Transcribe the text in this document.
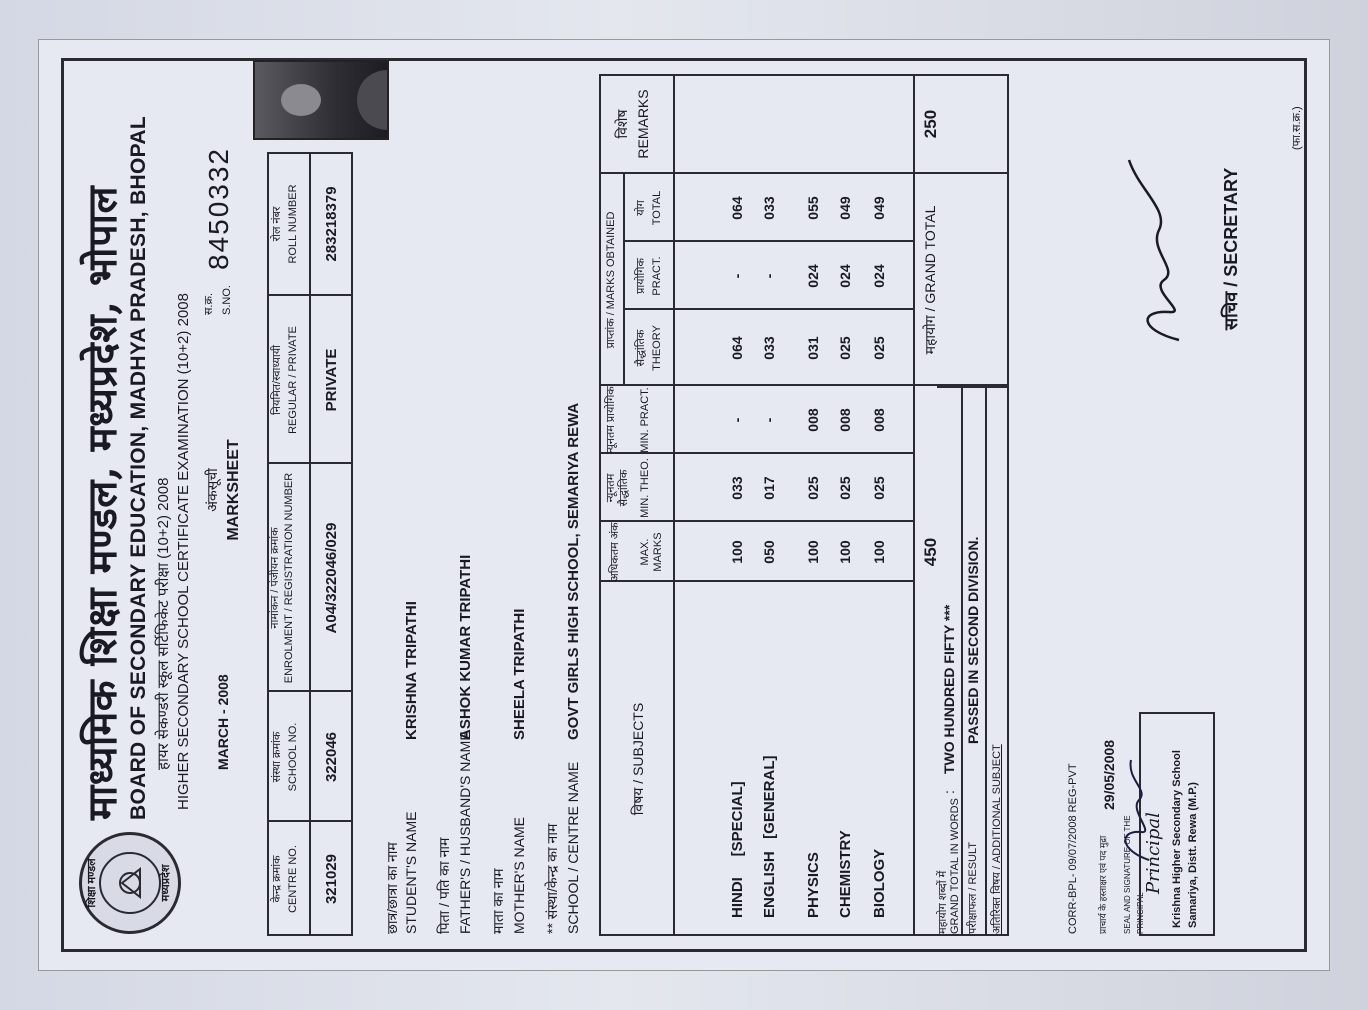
शिक्षा मण्डल	मध्यप्रदेश
माध्यमिक शिक्षा मण्डल, मध्यप्रदेश, भोपाल BOARD OF SECONDARY EDUCATION, MADHYA PRADESH, BHOPAL हायर सेकण्डरी स्कूल सर्टिफिकेट परीक्षा (10+2) 2008 HIGHER SECONDARY SCHOOL CERTIFICATE EXAMINATION (10+2) 2008 MARCH - 2008
अंकसूची MARKSHEET
स.क्र. S.NO.
8450332
केन्द्र क्रमांक CENTRE NO. 321029
संस्था क्रमांक SCHOOL NO. 322046
नामांकन / पंजीयन क्रमांक ENROLMENT / REGISTRATION NUMBER A04/322046/029
नियमित/स्वाध्यायी REGULAR / PRIVATE PRIVATE
रोल नंबर ROLL NUMBER 283218379
छात्र/छात्रा का नाम STUDENT'S NAME
KRISHNA TRIPATHI
पिता / पति का नाम FATHER'S / HUSBAND'S NAME
ASHOK KUMAR TRIPATHI
माता का नाम MOTHER'S NAME
SHEELA TRIPATHI
** संस्था/केन्द्र का नाम SCHOOL / CENTRE NAME
GOVT GIRLS HIGH SCHOOL, SEMARIYA REWA
विषय / SUBJECTS
अधिकतम अंक MAX. MARKS
न्यूनतम सैद्धांतिक MIN. THEO.
न्यूनतम प्रायोगिक MIN. PRACT.
प्राप्तांक / MARKS OBTAINED सैद्धांतिक THEORY
प्रायोगिक PRACT.
योग TOTAL
विशेष REMARKS
HINDI     [SPECIAL]
100
033
-
064
-
064
ENGLISH   [GENERAL]
050
017
-
033
-
033
PHYSICS
100
025
008
031
024
055
CHEMISTRY
100
025
008
025
024
049
BIOLOGY
100
025
008
025
024
049
450
महायोग / GRAND TOTAL
250
महायोग शब्दों में GRAND TOTAL IN WORDS
:
TWO HUNDRED FIFTY ***
परीक्षाफल / RESULT
PASSED IN SECOND DIVISION.
अतिरिक्त विषय / ADDITIONAL SUBJECT	CORR-BPL- 09/07/2008 REG-PVT 29/05/2008
प्राचार्य के हस्ताक्षर एवं पद मुद्रा SEAL AND SIGNATURE OF THE PRINCIPAL
Principal Krishna Higher Secondary School Samariya, Distt. Rewa (M.P.)
सचिव / SECRETARY
(फा.स.क्र.)
